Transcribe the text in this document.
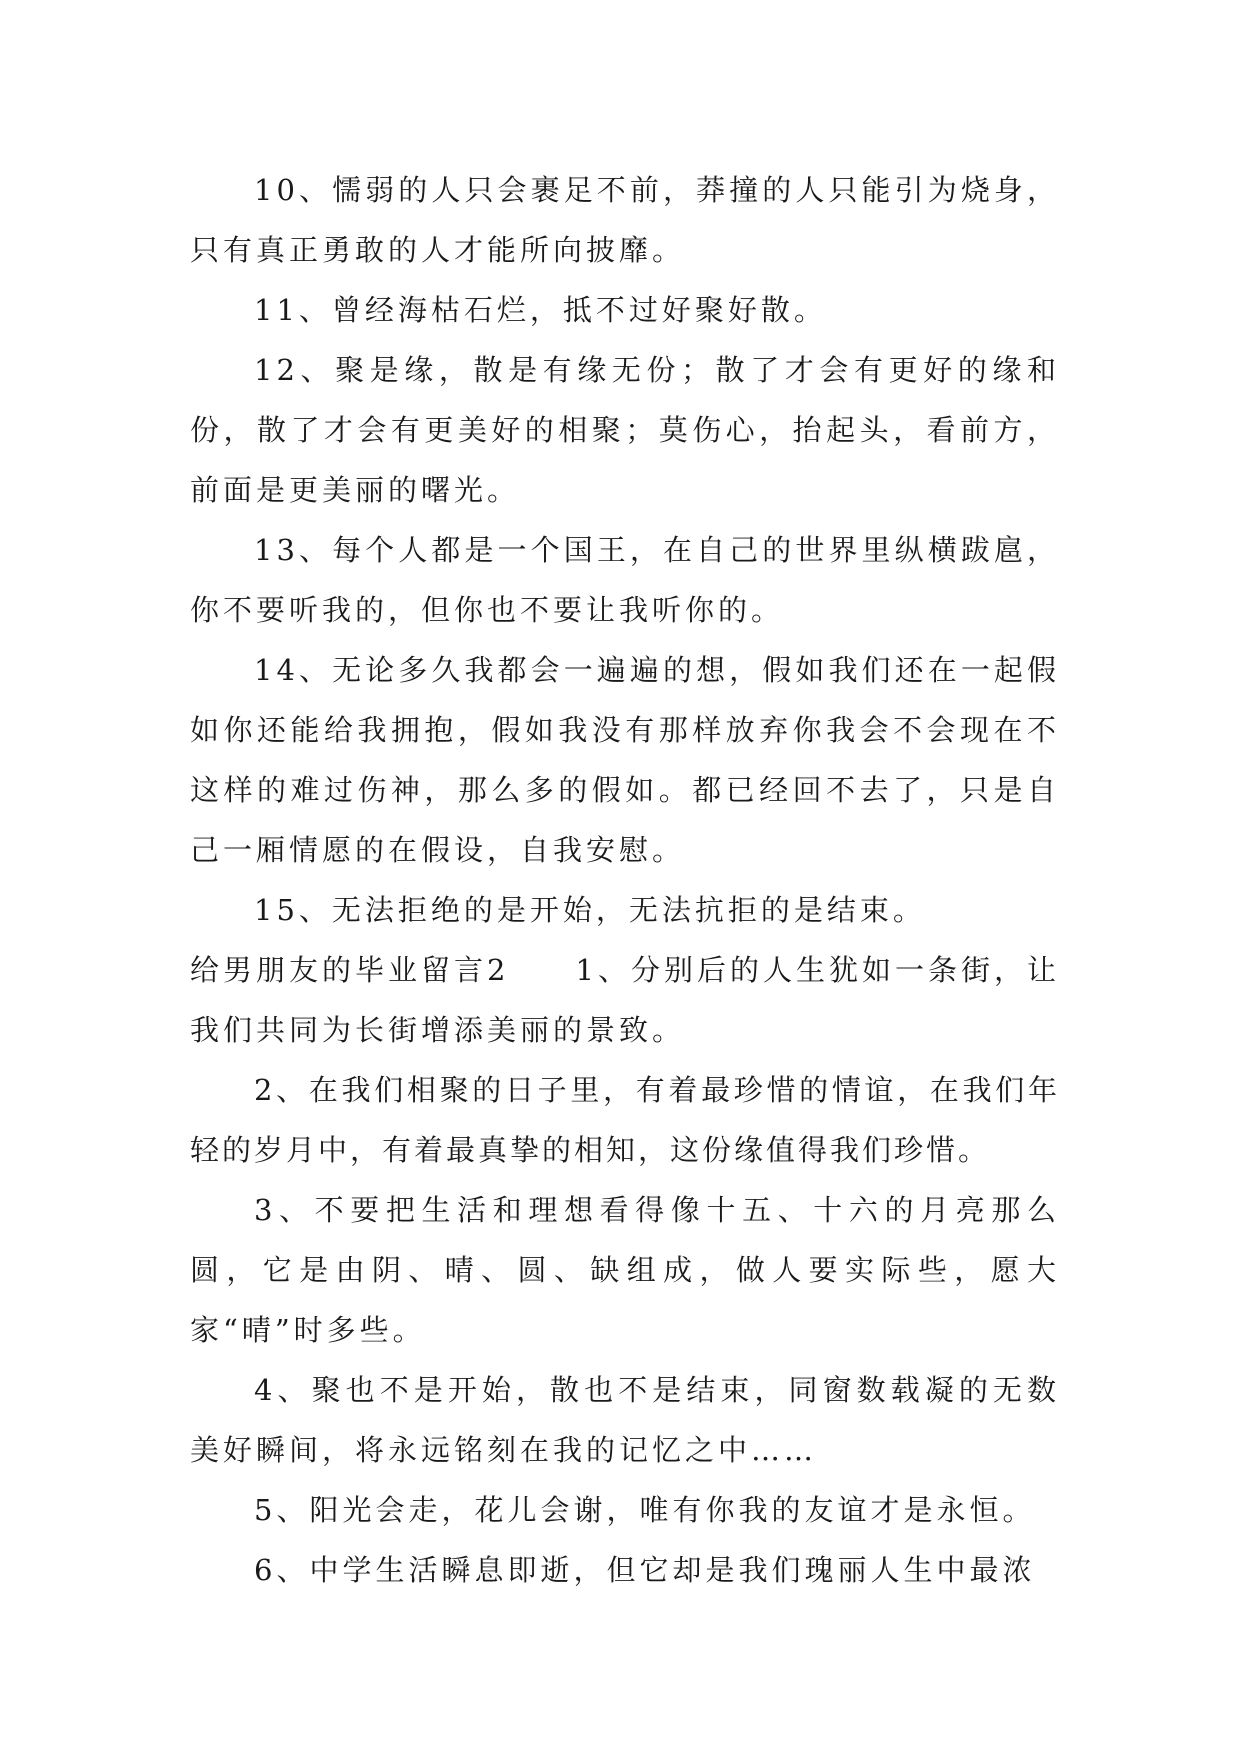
10、懦弱的人只会裹足不前，莽撞的人只能引为烧身，只有真正勇敢的人才能所向披靡。

11、曾经海枯石烂，抵不过好聚好散。

12、聚是缘，散是有缘无份；散了才会有更好的缘和份，散了才会有更美好的相聚；莫伤心，抬起头，看前方，前面是更美丽的曙光。

13、每个人都是一个国王，在自己的世界里纵横跋扈，你不要听我的，但你也不要让我听你的。

14、无论多久我都会一遍遍的想，假如我们还在一起假如你还能给我拥抱，假如我没有那样放弃你我会不会现在不这样的难过伤神，那么多的假如。都已经回不去了，只是自己一厢情愿的在假设，自我安慰。

15、无法拒绝的是开始，无法抗拒的是结束。

给男朋友的毕业留言2　　1、分别后的人生犹如一条街，让我们共同为长街增添美丽的景致。

2、在我们相聚的日子里，有着最珍惜的情谊，在我们年轻的岁月中，有着最真挚的相知，这份缘值得我们珍惜。

3、不要把生活和理想看得像十五、十六的月亮那么圆，它是由阴、晴、圆、缺组成，做人要实际些，愿大家“晴”时多些。

4、聚也不是开始，散也不是结束，同窗数载凝的无数美好瞬间，将永远铭刻在我的记忆之中……

5、阳光会走，花儿会谢，唯有你我的友谊才是永恒。

6、中学生活瞬息即逝，但它却是我们瑰丽人生中最浓
